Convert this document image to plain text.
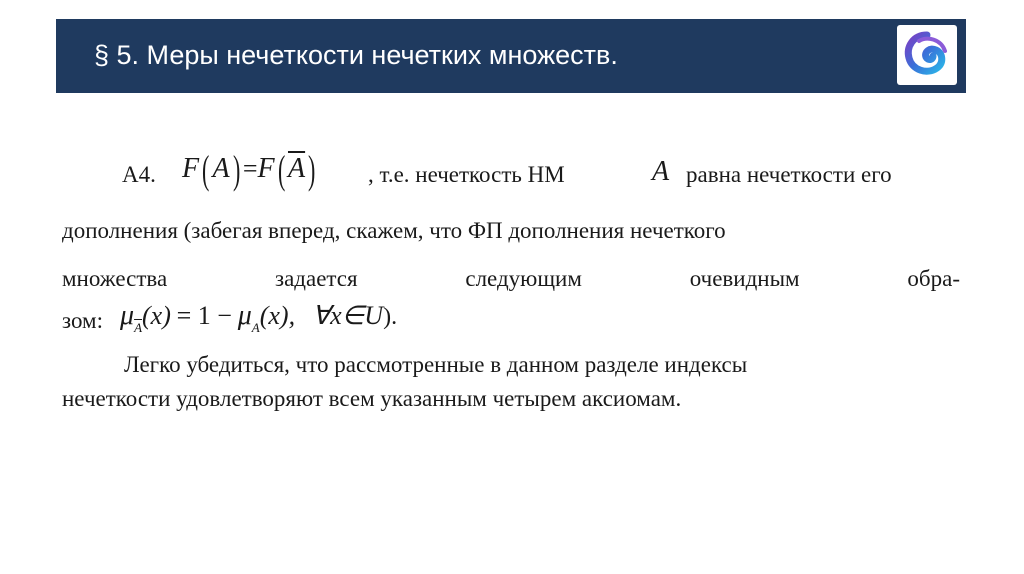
§ 5. Меры нечеткости нечетких множеств.
A4. F( A) =F( $\overline{A}$) , т.е. нечеткость НМ	A равна нечеткости его
дополнения (забегая вперед, скажем, что ФП дополнения нечеткого
множества	задается	следующим	очевидным	обра-
зом: $\mu_{\overline{A}}(x) = 1 - \mu_A(x)$, ∀x∈U).
Легко убедиться, что рассмотренные в данном разделе индексы
нечеткости удовлетворяют всем указанным четырем аксиомам.
